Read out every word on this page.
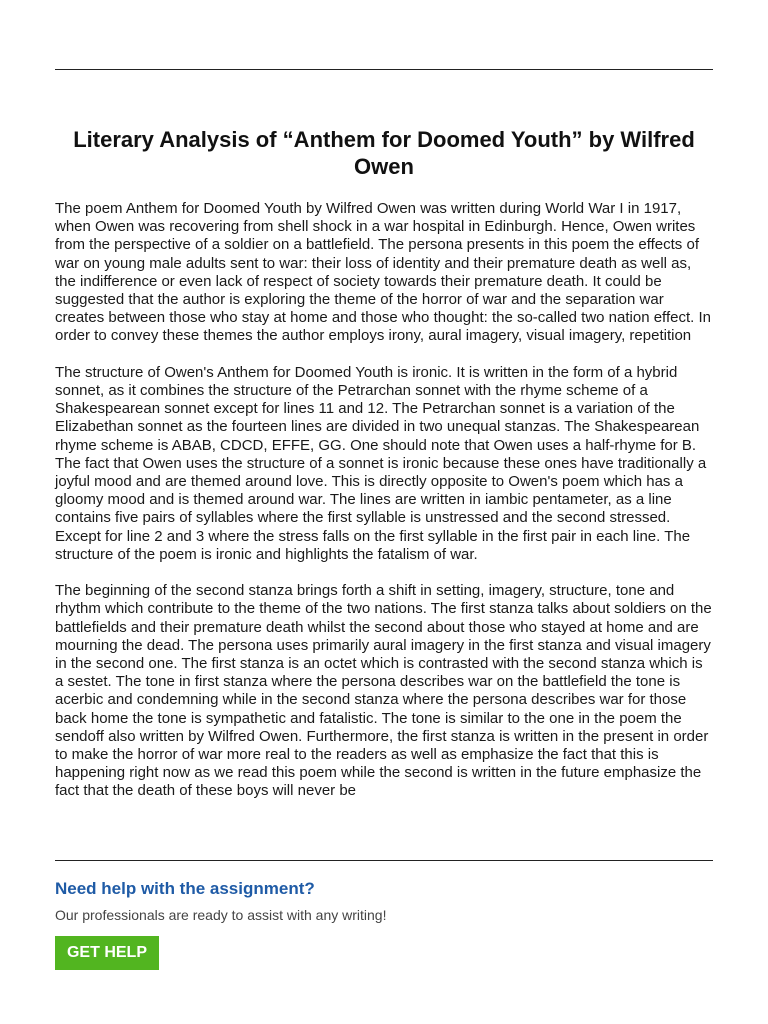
Literary Analysis of “Anthem for Doomed Youth” by Wilfred Owen

The poem Anthem for Doomed Youth by Wilfred Owen was written during World War I in 1917, when Owen was recovering from shell shock in a war hospital in Edinburgh. Hence, Owen writes from the perspective of a soldier on a battlefield. The persona presents in this poem the effects of war on young male adults sent to war: their loss of identity and their premature death as well as, the indifference or even lack of respect of society towards their premature death. It could be suggested that the author is exploring the theme of the horror of war and the separation war creates between those who stay at home and those who thought: the so-called two nation effect. In order to convey these themes the author employs irony, aural imagery, visual imagery, repetition

The structure of Owen's Anthem for Doomed Youth is ironic. It is written in the form of a hybrid sonnet, as it combines the structure of the Petrarchan sonnet with the rhyme scheme of a Shakespearean sonnet except for lines 11 and 12. The Petrarchan sonnet is a variation of the Elizabethan sonnet as the fourteen lines are divided in two unequal stanzas. The Shakespearean rhyme scheme is ABAB, CDCD, EFFE, GG. One should note that Owen uses a half-rhyme for B. The fact that Owen uses the structure of a sonnet is ironic because these ones have traditionally a joyful mood and are themed around love. This is directly opposite to Owen's poem which has a gloomy mood and is themed around war. The lines are written in iambic pentameter, as a line contains five pairs of syllables where the first syllable is unstressed and the second stressed. Except for line 2 and 3 where the stress falls on the first syllable in the first pair in each line. The structure of the poem is ironic and highlights the fatalism of war.

The beginning of the second stanza brings forth a shift in setting, imagery, structure, tone and rhythm which contribute to the theme of the two nations. The first stanza talks about soldiers on the battlefields and their premature death whilst the second about those who stayed at home and are mourning the dead. The persona uses primarily aural imagery in the first stanza and visual imagery in the second one. The first stanza is an octet which is contrasted with the second stanza which is a sestet. The tone in first stanza where the persona describes war on the battlefield the tone is acerbic and condemning while in the second stanza where the persona describes war for those back home the tone is sympathetic and fatalistic. The tone is similar to the one in the poem the sendoff also written by Wilfred Owen. Furthermore, the first stanza is written in the present in order to make the horror of war more real to the readers as well as emphasize the fact that this is happening right now as we read this poem while the second is written in the future emphasize the fact that the death of these boys will never be

Need help with the assignment?
Our professionals are ready to assist with any writing!
GET HELP
